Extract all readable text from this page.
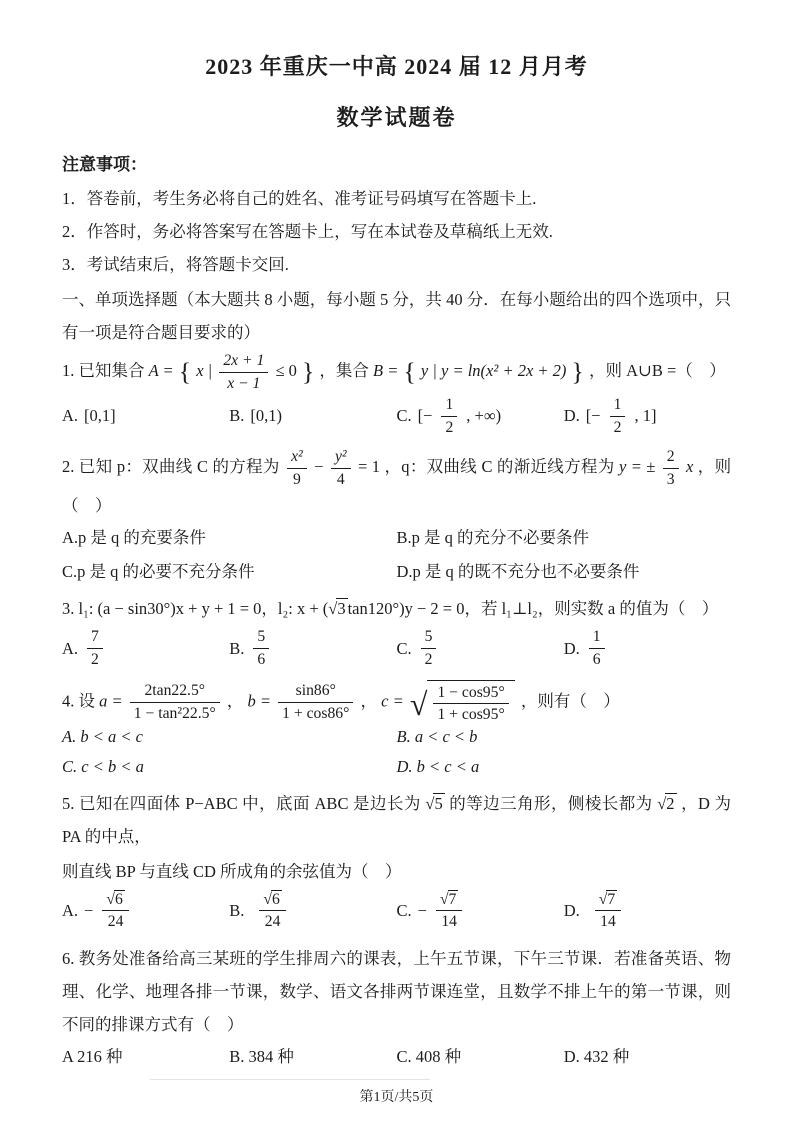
2023 年重庆一中高 2024 届 12 月月考
数学试题卷
注意事项：
1．答卷前，考生务必将自己的姓名、准考证号码填写在答题卡上.
2．作答时，务必将答案写在答题卡上，写在本试卷及草稿纸上无效.
3．考试结束后，将答题卡交回.
一、单项选择题（本大题共 8 小题，每小题 5 分，共 40 分．在每小题给出的四个选项中，只有一项是符合题目要求的）
1. 已知集合 A = { x | $\frac{2x + 1}{x - 1} \le 0$ } ，集合 B = { y | y = ln(x² + 2x + 2) } ，则 A∪B =（　）
A. [0,1]	B. [0,1)	C. [− $\frac{1}{2}$ , +∞)	D. [− $\frac{1}{2}$ , 1]
2. 已知 p：双曲线 C 的方程为 $\frac{\text{x²}}{9} - \frac{\text{y²}}{4} = 1$ ，q：双曲线 C 的渐近线方程为 y = ± $\frac{2}{3}$ x ，则（　）
A.p 是 q 的充要条件	B.p 是 q 的充分不必要条件
C.p 是 q 的必要不充分条件	D.p 是 q 的既不充分也不必要条件
3. l₁: (a − sin30°)x + y + 1 = 0，l₂: x + (√3 tan120°)y − 2 = 0，若 l₁⊥l₂，则实数 a 的值为（　）
A. $\frac{7}{2}$	B. $\frac{5}{6}$	C. $\frac{5}{2}$	D. $\frac{1}{6}$
4. 设 $a = \frac{2\tan 22.5^\circ}{\text{1 − tan²22.5°}}$ ， $b = \frac{\sin 86^\circ}{1 + \cos 86^\circ}$ ， c = √ $\frac{1 - \cos 95^\circ}{1 + \cos 95^\circ}$ ，则有（　）
A. b < a < c	B. a < c < b
C. c < b < a	D. b < c < a
5. 已知在四面体 P−ABC 中，底面 ABC 是边长为 √5 的等边三角形，侧棱长都为 √2 ，D 为 PA 的中点，
则直线 BP 与直线 CD 所成角的余弦值为（　）
A. − $\frac{√6}{24}$	B. $\frac{√6}{24}$	C. − $\frac{√7}{14}$	D. $\frac{√7}{14}$
6. 教务处准备给高三某班的学生排周六的课表，上午五节课，下午三节课．若准备英语、物理、化学、地理各排一节课，数学、语文各排两节课连堂，且数学不排上午的第一节课，则不同的排课方式有（　）
A 216 种	B. 384 种	C. 408 种	D. 432 种
第1页/共5页
